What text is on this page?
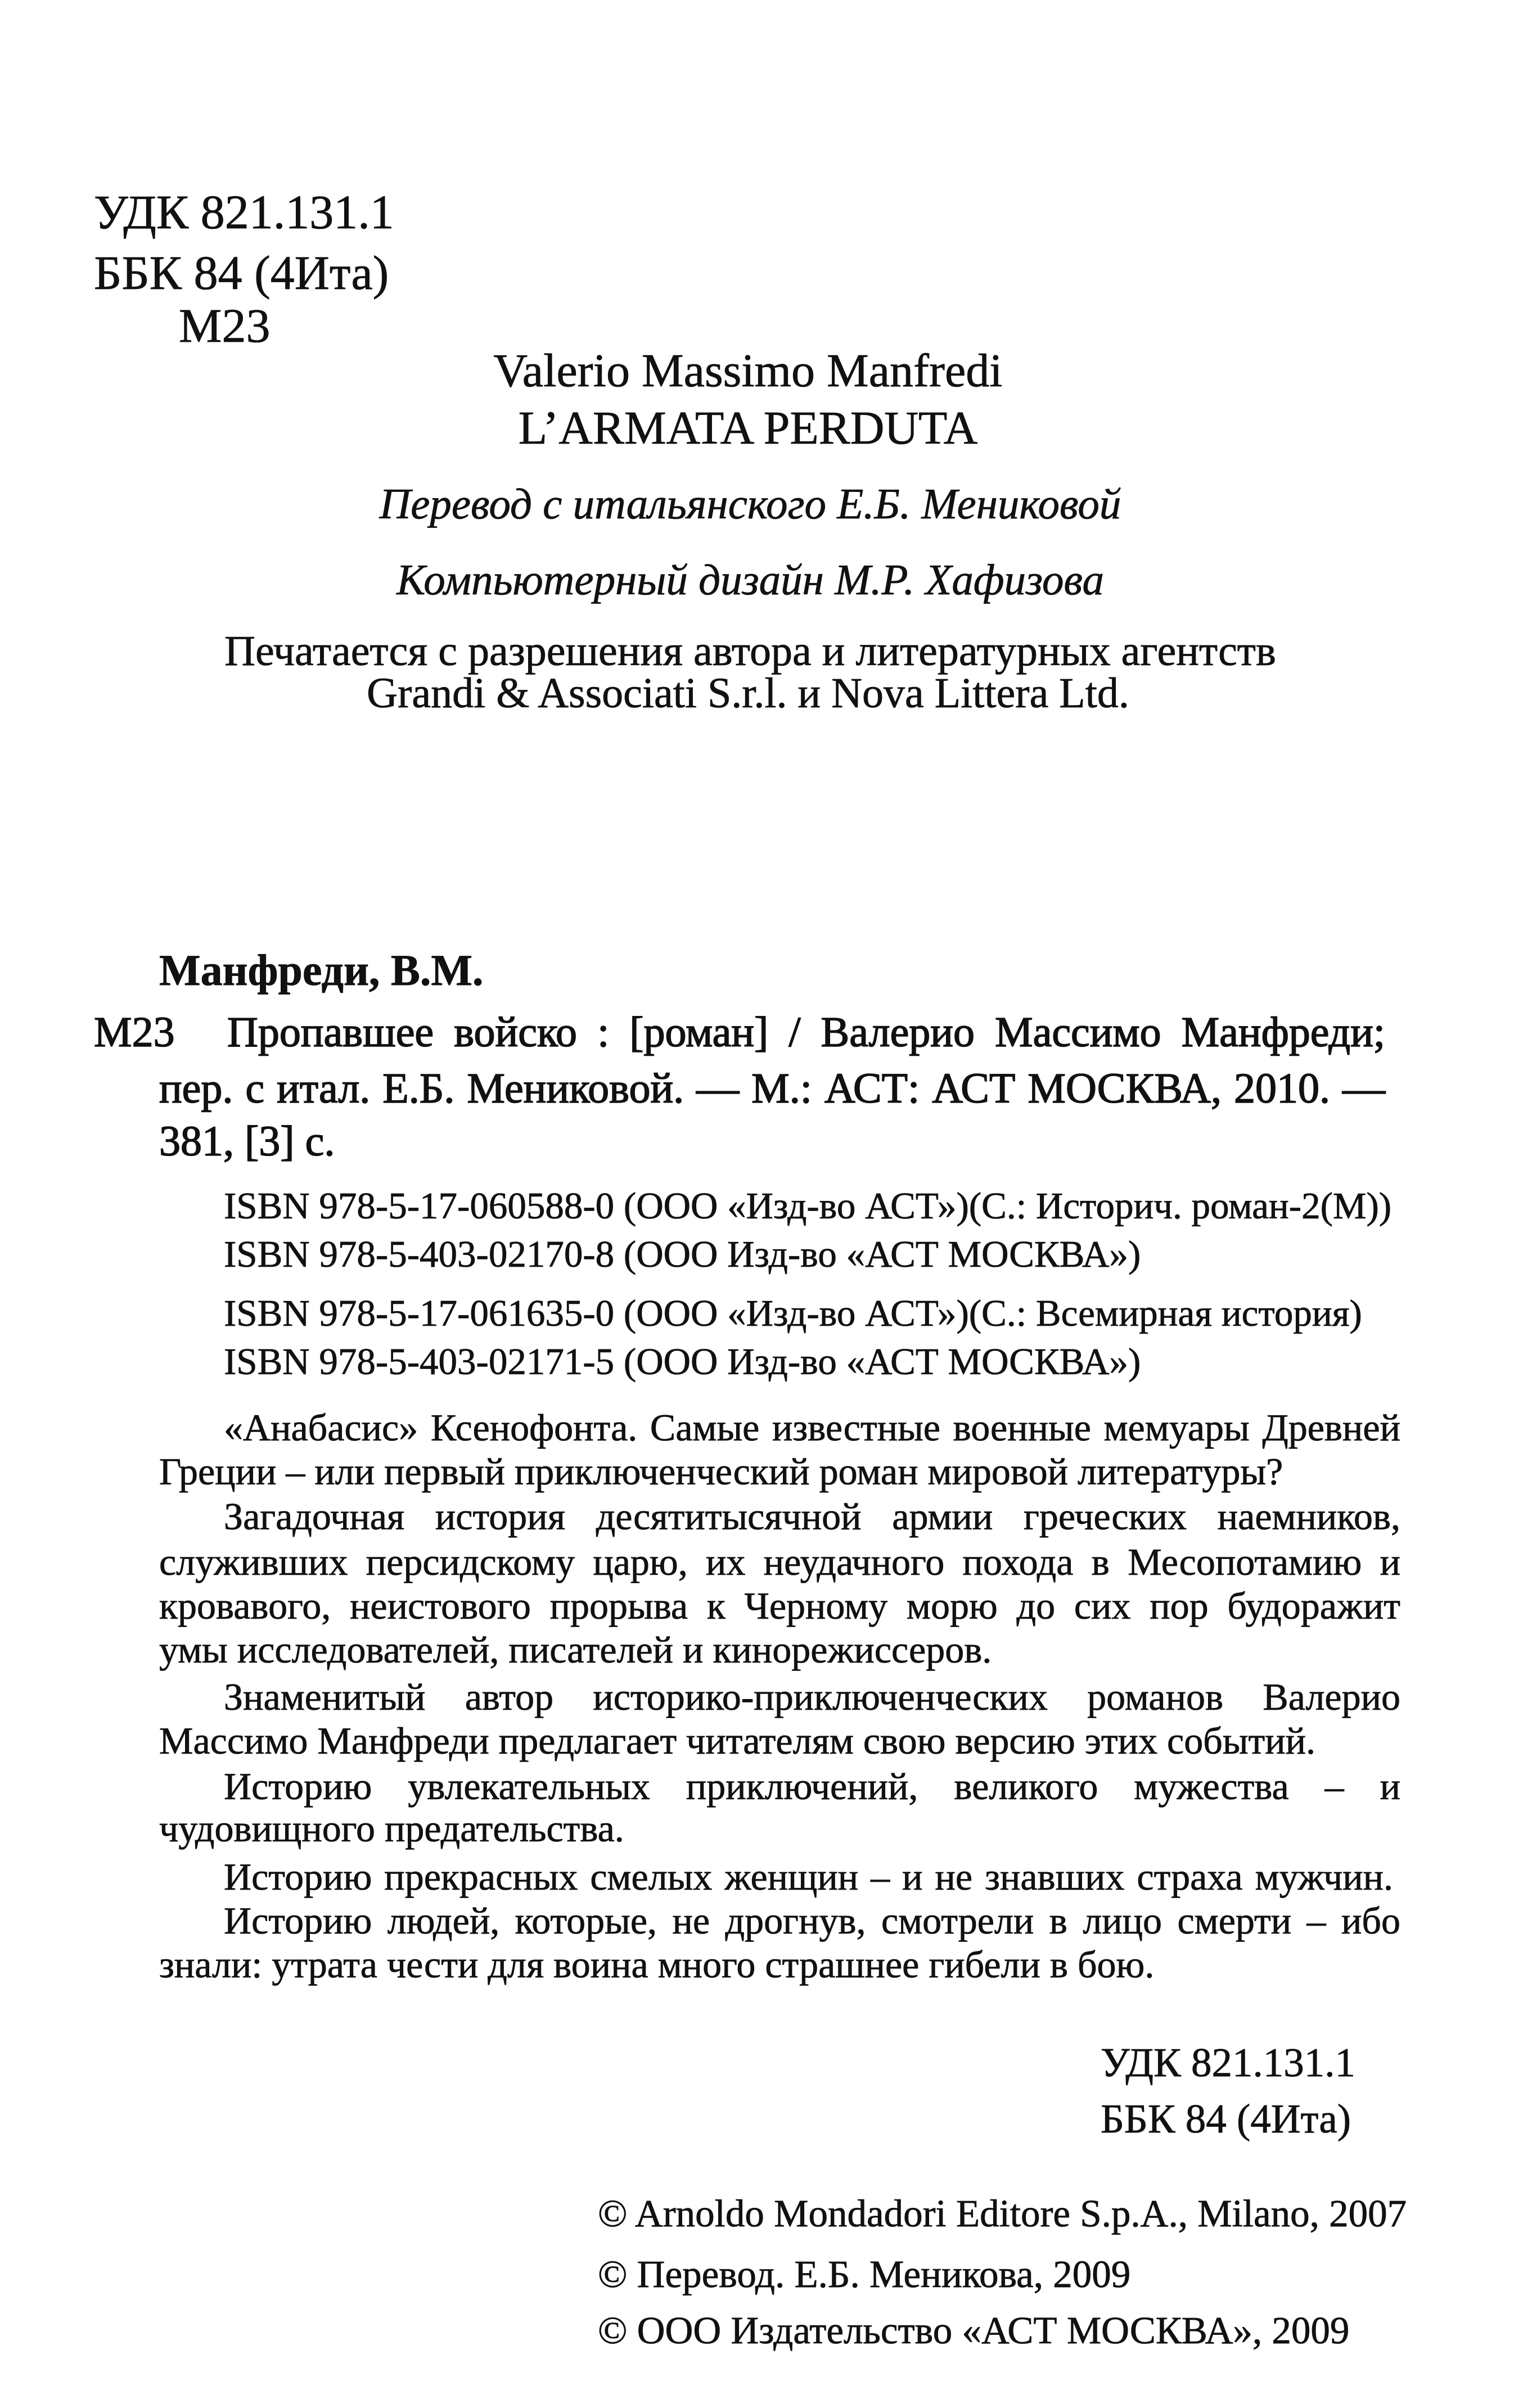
УДК 821.131.1
ББК 84 (4Ита)
М23
Valerio Massimo Manfredi
L’ARMATA PERDUTA
Перевод с итальянского Е.Б. Мениковой
Компьютерный дизайн М.Р. Хафизова
Печатается с разрешения автора и литературных агентств
Grandi & Associati S.r.l. и Nova Littera Ltd.
Манфреди, В.М.
М23 Пропавшее войско : [роман] / Валерио Массимо Манфреди;
пер. с итал. Е.Б. Мениковой. — М.: АСТ: АСТ МОСКВА, 2010. —
381, [3] с.
ISBN 978-5-17-060588-0 (ООО «Изд-во АСТ»)(С.: Историч. роман-2(М))
ISBN 978-5-403-02170-8 (ООО Изд-во «АСТ МОСКВА»)
ISBN 978-5-17-061635-0 (ООО «Изд-во АСТ»)(С.: Всемирная история)
ISBN 978-5-403-02171-5 (ООО Изд-во «АСТ МОСКВА»)
«Анабасис» Ксенофонта. Самые известные военные мемуары Древней
Греции – или первый приключенческий роман мировой литературы?
Загадочная история десятитысячной армии греческих наемников,
служивших персидскому царю, их неудачного похода в Месопотамию и
кровавого, неистового прорыва к Черному морю до сих пор будоражит
умы исследователей, писателей и кинорежиссеров.
Знаменитый автор историко-приключенческих романов Валерио
Массимо Манфреди предлагает читателям свою версию этих событий.
Историю увлекательных приключений, великого мужества – и
чудовищного предательства.
Историю прекрасных смелых женщин – и не знавших страха мужчин.
Историю людей, которые, не дрогнув, смотрели в лицо смерти – ибо
знали: утрата чести для воина много страшнее гибели в бою.
УДК 821.131.1
ББК 84 (4Ита)
© Arnoldo Mondadori Editore S.p.A., Milano, 2007
© Перевод. Е.Б. Меникова, 2009
© ООО Издательство «АСТ МОСКВА», 2009
